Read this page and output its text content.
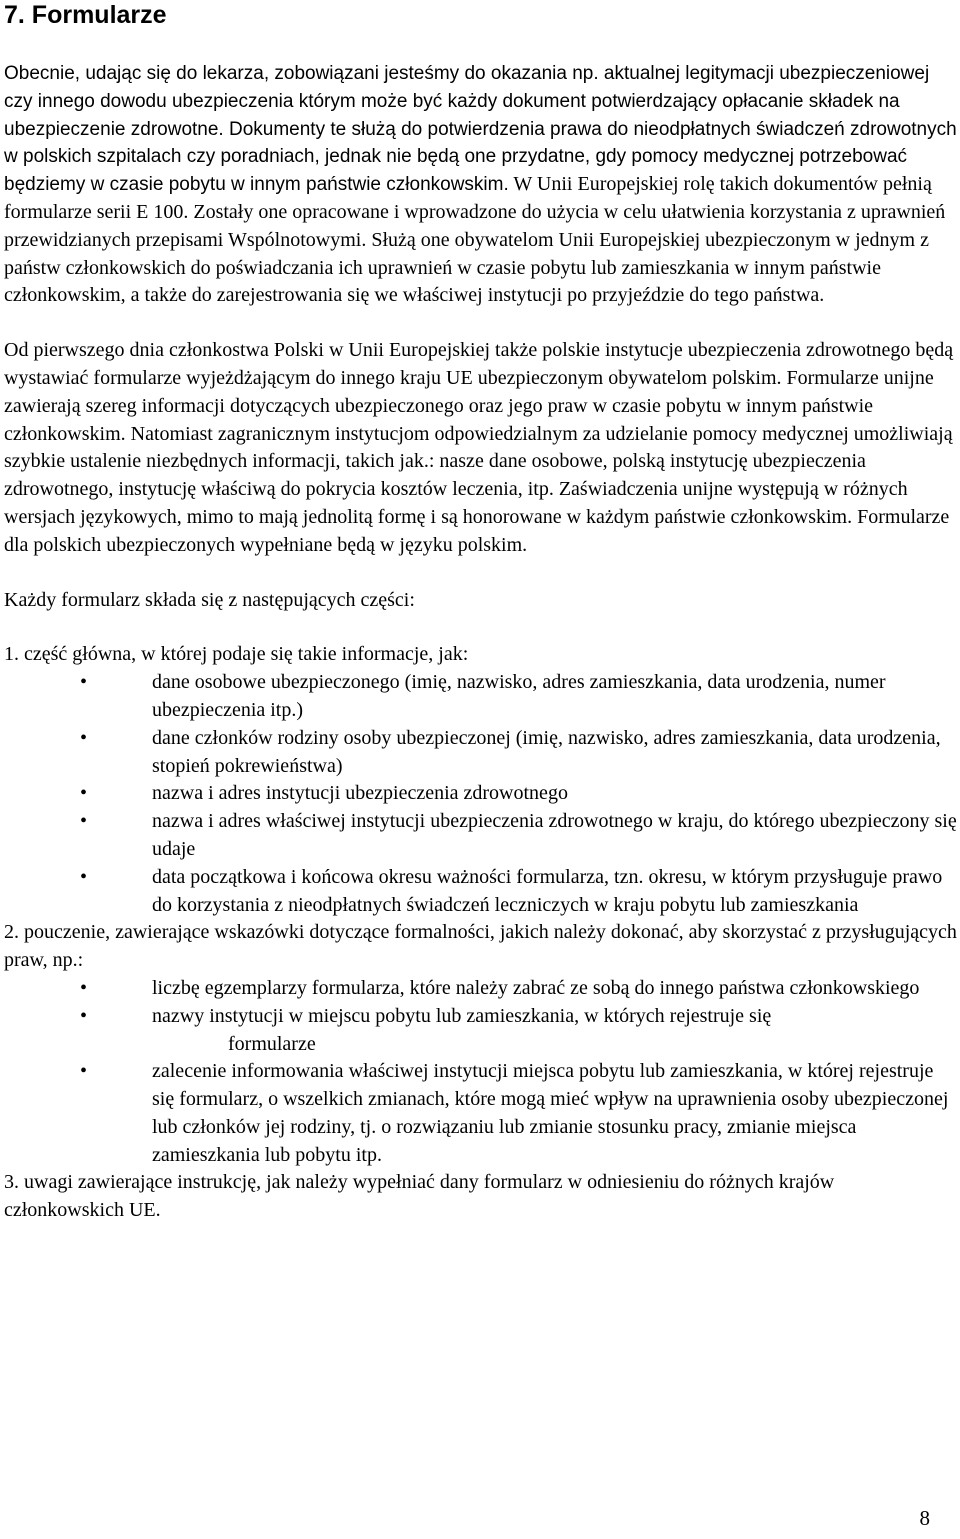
7. Formularze

Obecnie, udając się do lekarza, zobowiązani jesteśmy do okazania np. aktualnej legitymacji ubezpieczeniowej czy innego dowodu ubezpieczenia którym może być każdy dokument potwierdzający opłacanie składek na ubezpieczenie zdrowotne. Dokumenty te służą do potwierdzenia prawa do nieodpłatnych świadczeń zdrowotnych w polskich szpitalach czy poradniach, jednak nie będą one przydatne, gdy pomocy medycznej potrzebować będziemy w czasie pobytu w innym państwie członkowskim. W Unii Europejskiej rolę takich dokumentów pełnią formularze serii E 100. Zostały one opracowane i wprowadzone do użycia w celu ułatwienia korzystania z uprawnień przewidzianych przepisami Wspólnotowymi. Służą one obywatelom Unii Europejskiej ubezpieczonym w jednym z państw członkowskich do poświadczania ich uprawnień w czasie pobytu lub zamieszkania w innym państwie członkowskim, a także do zarejestrowania się we właściwej instytucji po przyjeździe do tego państwa.

Od pierwszego dnia członkostwa Polski w Unii Europejskiej także polskie instytucje ubezpieczenia zdrowotnego będą wystawiać formularze wyjeżdżającym do innego kraju UE ubezpieczonym obywatelom polskim. Formularze unijne zawierają szereg informacji dotyczących ubezpieczonego oraz jego praw w czasie pobytu w innym państwie członkowskim. Natomiast zagranicznym instytucjom odpowiedzialnym za udzielanie pomocy medycznej umożliwiają szybkie ustalenie niezbędnych informacji, takich jak.: nasze dane osobowe, polską instytucję ubezpieczenia zdrowotnego, instytucję właściwą do pokrycia kosztów leczenia, itp. Zaświadczenia unijne występują w różnych wersjach językowych, mimo to mają jednolitą formę i są honorowane w każdym państwie członkowskim. Formularze dla polskich ubezpieczonych wypełniane będą w języku polskim.

Każdy formularz składa się z następujących części:

1. część główna, w której podaje się takie informacje, jak:

•	dane osobowe ubezpieczonego (imię, nazwisko, adres zamieszkania, data urodzenia, numer ubezpieczenia itp.)
•	dane członków rodziny osoby ubezpieczonej (imię, nazwisko, adres zamieszkania, data urodzenia, stopień pokrewieństwa)
•	nazwa i adres instytucji ubezpieczenia zdrowotnego
•	nazwa i adres właściwej instytucji ubezpieczenia zdrowotnego w kraju, do którego ubezpieczony się udaje
•	data początkowa i końcowa okresu ważności formularza, tzn. okresu, w którym przysługuje prawo do korzystania z nieodpłatnych świadczeń leczniczych w kraju pobytu lub zamieszkania

2. pouczenie, zawierające wskazówki dotyczące formalności, jakich należy dokonać, aby skorzystać z przysługujących praw, np.:

•	liczbę egzemplarzy formularza, które należy zabrać ze sobą do innego państwa członkowskiego
•	nazwy instytucji w miejscu pobytu lub zamieszkania, w których rejestruje się
formularze
•	zalecenie informowania właściwej instytucji miejsca pobytu lub zamieszkania, w której rejestruje się formularz, o wszelkich zmianach, które mogą mieć wpływ na uprawnienia osoby ubezpieczonej lub członków jej rodziny, tj. o rozwiązaniu lub zmianie stosunku pracy, zmianie miejsca zamieszkania lub pobytu itp.

3. uwagi zawierające instrukcję, jak należy wypełniać dany formularz w odniesieniu do różnych krajów członkowskich UE.

8
